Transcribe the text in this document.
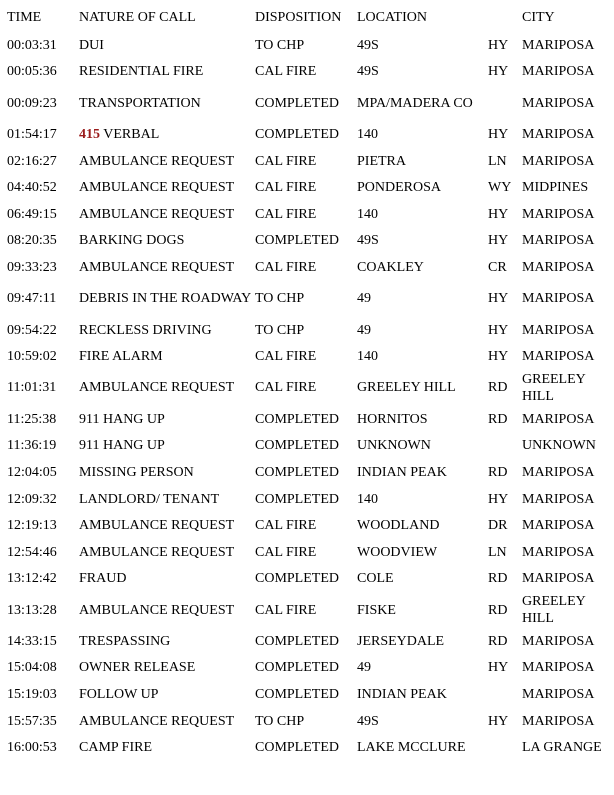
TIME	NATURE OF CALL	DISPOSITION	LOCATION		CITY
00:03:31	DUI	TO CHP	49S	HY	MARIPOSA
00:05:36	RESIDENTIAL FIRE	CAL FIRE	49S	HY	MARIPOSA
00:09:23	TRANSPORTATION	COMPLETED	MPA/MADERA CO		MARIPOSA
01:54:17	415 VERBAL	COMPLETED	140	HY	MARIPOSA
02:16:27	AMBULANCE REQUEST	CAL FIRE	PIETRA	LN	MARIPOSA
04:40:52	AMBULANCE REQUEST	CAL FIRE	PONDEROSA	WY	MIDPINES
06:49:15	AMBULANCE REQUEST	CAL FIRE	140	HY	MARIPOSA
08:20:35	BARKING DOGS	COMPLETED	49S	HY	MARIPOSA
09:33:23	AMBULANCE REQUEST	CAL FIRE	COAKLEY	CR	MARIPOSA
09:47:11	DEBRIS IN THE ROADWAY	TO CHP	49	HY	MARIPOSA
09:54:22	RECKLESS DRIVING	TO CHP	49	HY	MARIPOSA
10:59:02	FIRE ALARM	CAL FIRE	140	HY	MARIPOSA
11:01:31	AMBULANCE REQUEST	CAL FIRE	GREELEY HILL	RD	GREELEY HILL
11:25:38	911 HANG UP	COMPLETED	HORNITOS	RD	MARIPOSA
11:36:19	911 HANG UP	COMPLETED	UNKNOWN		UNKNOWN
12:04:05	MISSING PERSON	COMPLETED	INDIAN PEAK	RD	MARIPOSA
12:09:32	LANDLORD/ TENANT	COMPLETED	140	HY	MARIPOSA
12:19:13	AMBULANCE REQUEST	CAL FIRE	WOODLAND	DR	MARIPOSA
12:54:46	AMBULANCE REQUEST	CAL FIRE	WOODVIEW	LN	MARIPOSA
13:12:42	FRAUD	COMPLETED	COLE	RD	MARIPOSA
13:13:28	AMBULANCE REQUEST	CAL FIRE	FISKE	RD	GREELEY HILL
14:33:15	TRESPASSING	COMPLETED	JERSEYDALE	RD	MARIPOSA
15:04:08	OWNER RELEASE	COMPLETED	49	HY	MARIPOSA
15:19:03	FOLLOW UP	COMPLETED	INDIAN PEAK		MARIPOSA
15:57:35	AMBULANCE REQUEST	TO CHP	49S	HY	MARIPOSA
16:00:53	CAMP FIRE	COMPLETED	LAKE MCCLURE		LA GRANGE
